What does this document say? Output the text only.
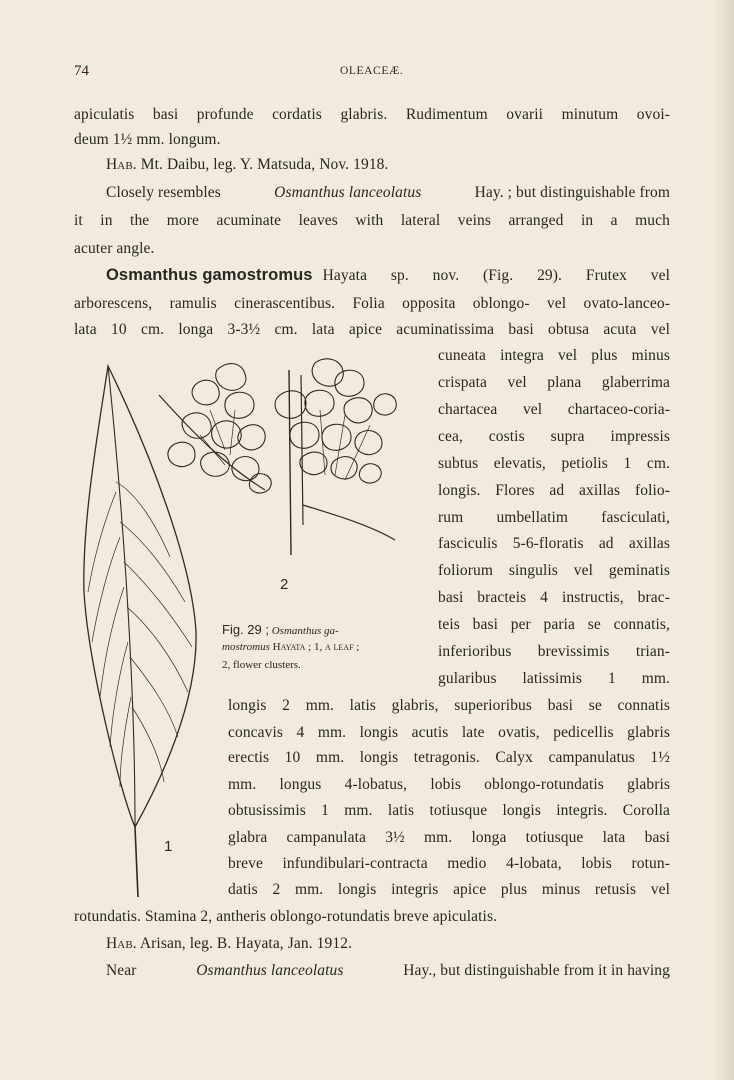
74	OLEACEÆ.
apiculatis basi profunde cordatis glabris. Rudimentum ovarii minutum ovoi-
deum 1½ mm. longum.
Hab. Mt. Daibu, leg. Y. Matsuda, Nov. 1918.
Closely resembles	Osmanthus lanceolatus	Hay. ; but distinguishable from
it in the more acuminate leaves with lateral veins arranged in a much
acuter angle.
Osmanthus gamostromus Hayata sp. nov. (Fig. 29). Frutex vel
arborescens, ramulis cinerascentibus. Folia opposita oblongo- vel ovato-lanceo-
lata 10 cm. longa 3-3½ cm. lata apice acuminatissima basi obtusa acuta vel
cuneata integra vel plus minus
crispata vel plana glaberrima
chartacea vel chartaceo-coria-
cea, costis supra impressis
subtus elevatis, petiolis 1 cm.
longis. Flores ad axillas folio-
rum umbellatim fasciculati,
fasciculis 5-6-floratis ad axillas
foliorum singulis vel geminatis
basi bracteis 4 instructis, brac-
teis basi per paria se connatis,
inferioribus brevissimis trian-
gularibus latissimis 1 mm.
longis 2 mm. latis glabris, superioribus basi se connatis
concavis 4 mm. longis acutis late ovatis, pedicellis glabris
erectis 10 mm. longis tetragonis. Calyx campanulatus 1½
mm. longus 4-lobatus, lobis oblongo-rotundatis glabris
obtusissimis 1 mm. latis totiusque longis integris. Corolla
glabra campanulata 3½ mm. longa totiusque lata basi
breve infundibulari-contracta medio 4-lobata, lobis rotun-
datis 2 mm. longis integris apice plus minus retusis vel
rotundatis. Stamina 2, antheris oblongo-rotundatis breve apiculatis.
Hab. Arisan, leg. B. Hayata, Jan. 1912.
Near	Osmanthus lanceolatus	Hay., but distinguishable from it in having
1
2
Fig. 29 ; Osmanthus ga-
mostromus Hayata ; 1, a leaf ;
2, flower clusters.
